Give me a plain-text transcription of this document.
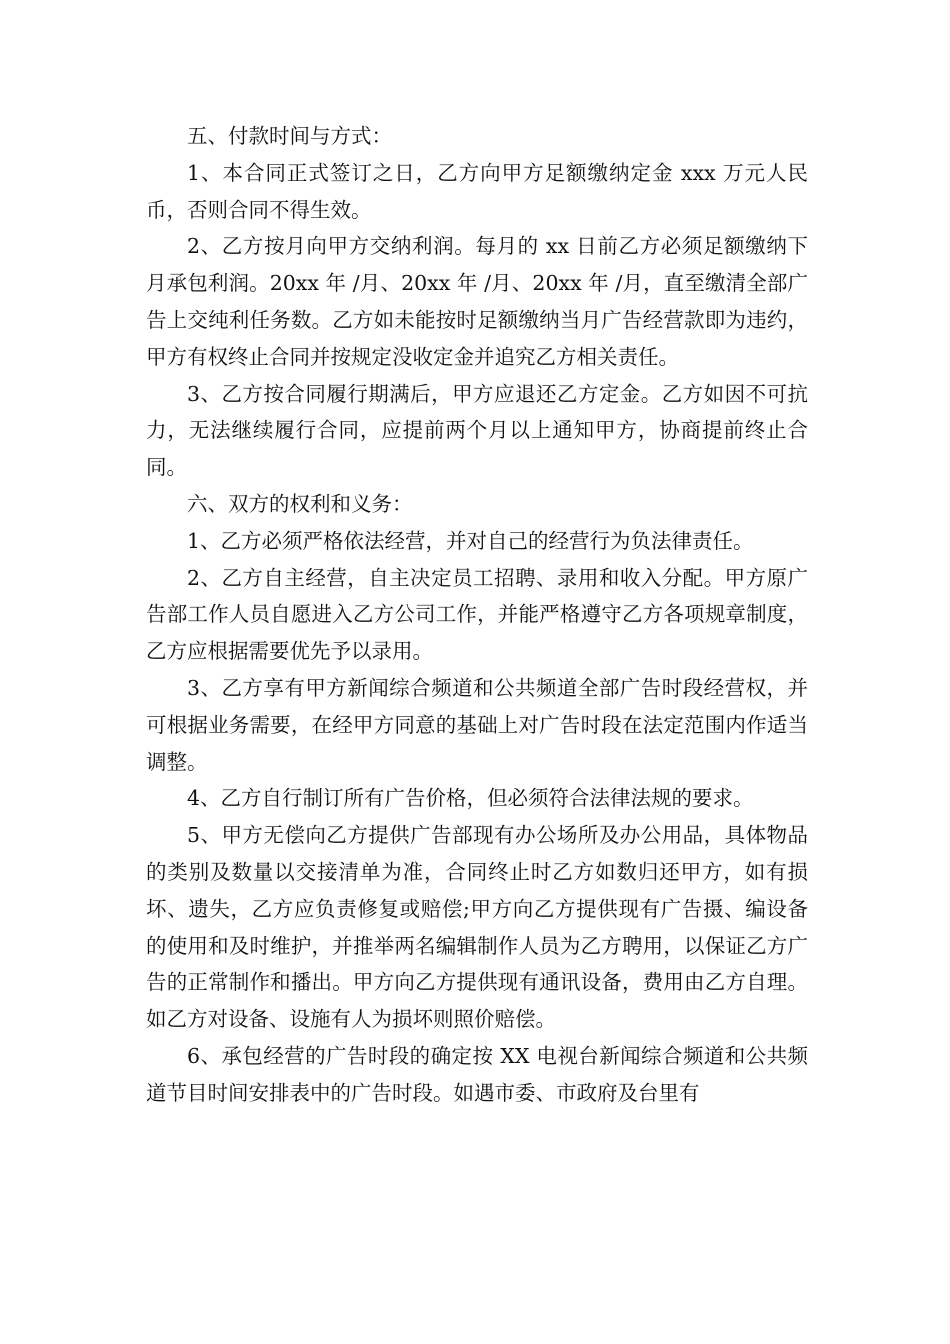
五、付款时间与方式：

1、本合同正式签订之日，乙方向甲方足额缴纳定金 xxx 万元人民币，否则合同不得生效。

2、乙方按月向甲方交纳利润。每月的 xx 日前乙方必须足额缴纳下月承包利润。20xx 年 /月、20xx 年 /月、20xx 年 /月，直至缴清全部广告上交纯利任务数。乙方如未能按时足额缴纳当月广告经营款即为违约，甲方有权终止合同并按规定没收定金并追究乙方相关责任。

3、乙方按合同履行期满后，甲方应退还乙方定金。乙方如因不可抗力，无法继续履行合同，应提前两个月以上通知甲方，协商提前终止合同。

六、双方的权利和义务：

1、乙方必须严格依法经营，并对自己的经营行为负法律责任。

2、乙方自主经营，自主决定员工招聘、录用和收入分配。甲方原广告部工作人员自愿进入乙方公司工作，并能严格遵守乙方各项规章制度，乙方应根据需要优先予以录用。

3、乙方享有甲方新闻综合频道和公共频道全部广告时段经营权，并可根据业务需要，在经甲方同意的基础上对广告时段在法定范围内作适当调整。

4、乙方自行制订所有广告价格，但必须符合法律法规的要求。

5、甲方无偿向乙方提供广告部现有办公场所及办公用品，具体物品的类别及数量以交接清单为准，合同终止时乙方如数归还甲方，如有损坏、遗失，乙方应负责修复或赔偿;甲方向乙方提供现有广告摄、编设备的使用和及时维护，并推举两名编辑制作人员为乙方聘用，以保证乙方广告的正常制作和播出。甲方向乙方提供现有通讯设备，费用由乙方自理。如乙方对设备、设施有人为损坏则照价赔偿。

6、承包经营的广告时段的确定按 XX 电视台新闻综合频道和公共频道节目时间安排表中的广告时段。如遇市委、市政府及台里有
